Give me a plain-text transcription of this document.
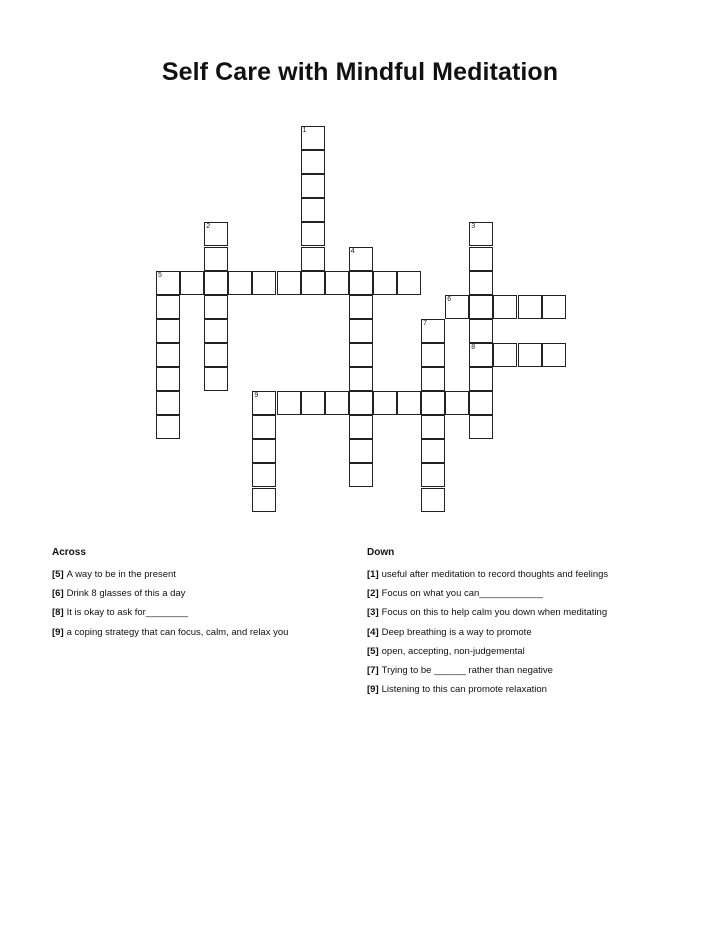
Self Care with Mindful Meditation
1
2	3
8
4
5
6
7
9
Across
[5] A way to be in the present
[6] Drink 8 glasses of this a day
[8] It is okay to ask for________
[9] a coping strategy that can focus, calm, and relax you
Down
[1] useful after meditation to record thoughts and feelings
[2] Focus on what you can____________
[3] Focus on this to help calm you down when meditating
[4] Deep breathing is a way to promote
[5] open, accepting, non-judgemental
[7] Trying to be ______ rather than negative
[9] Listening to this can promote relaxation
